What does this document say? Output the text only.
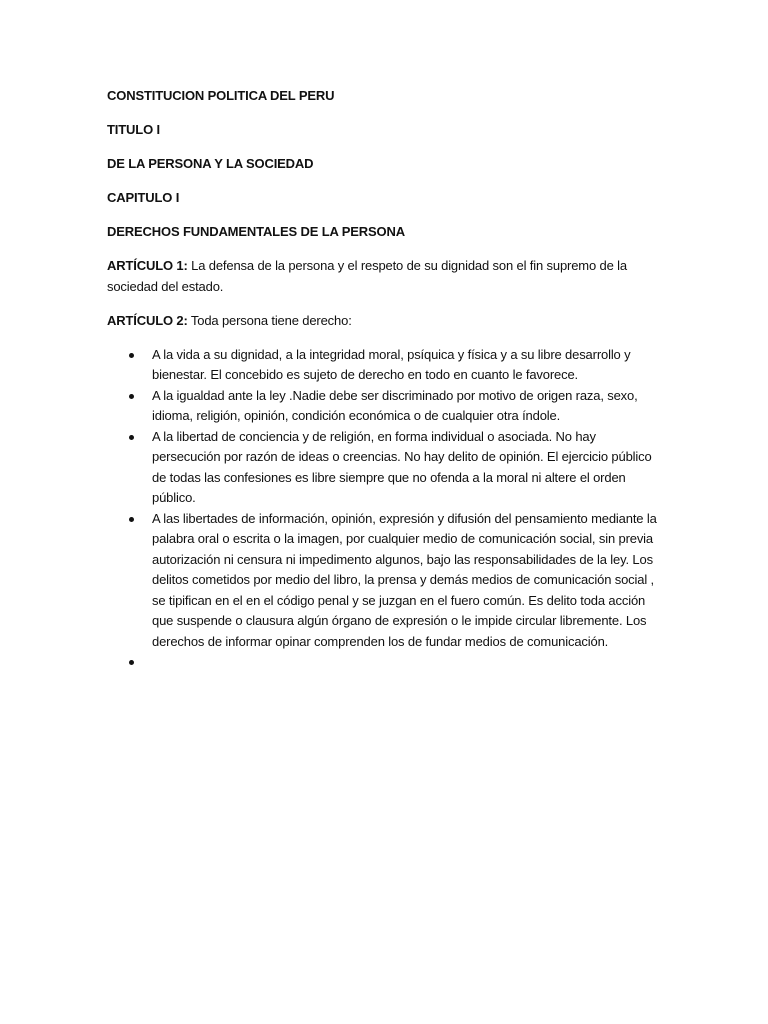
CONSTITUCION POLITICA DEL PERU

TITULO I

DE LA PERSONA Y LA SOCIEDAD

CAPITULO I

DERECHOS FUNDAMENTALES DE LA PERSONA

ARTÍCULO 1: La defensa de la persona y el respeto de su dignidad son el fin supremo de la sociedad del estado.

ARTÍCULO 2: Toda persona tiene derecho:

A la vida a su dignidad, a la integridad moral, psíquica y física y a su libre desarrollo y bienestar. El concebido es sujeto de derecho en todo en cuanto le favorece.
A la igualdad ante la ley .Nadie debe ser discriminado por motivo de origen raza, sexo, idioma, religión, opinión, condición económica o de cualquier otra índole.
A la libertad de conciencia y de religión, en forma individual o asociada. No hay persecución por razón de ideas o creencias. No hay delito de opinión. El ejercicio público de todas las confesiones es libre siempre que no ofenda a la moral ni altere el orden público.
A las libertades de información, opinión, expresión y difusión del pensamiento mediante la palabra oral o escrita o la imagen, por cualquier medio de comunicación social, sin previa autorización ni censura ni impedimento algunos, bajo las responsabilidades de la ley. Los delitos cometidos por medio del libro, la prensa y demás medios de comunicación social , se tipifican en el en el código penal y se juzgan en el fuero común. Es delito toda acción que suspende o clausura algún órgano de expresión o le impide circular libremente. Los derechos de informar opinar comprenden los de fundar medios de comunicación.
